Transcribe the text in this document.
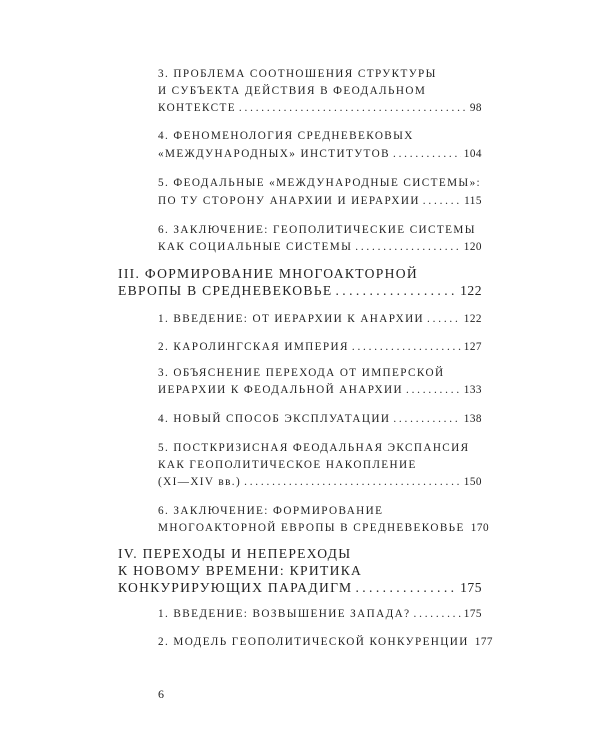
3. ПРОБЛЕМА СООТНОШЕНИЯ СТРУКТУРЫ
И СУБЪЕКТА ДЕЙСТВИЯ В ФЕОДАЛЬНОМ
КОНТЕКСТЕ . . .	98
4. ФЕНОМЕНОЛОГИЯ СРЕДНЕВЕКОВЫХ
«МЕЖДУНАРОДНЫХ» ИНСТИТУТОВ . . .	104
5. ФЕОДАЛЬНЫЕ «МЕЖДУНАРОДНЫЕ СИСТЕМЫ»:
ПО ТУ СТОРОНУ АНАРХИИ И ИЕРАРХИИ . . .	115
6. ЗАКЛЮЧЕНИЕ: ГЕОПОЛИТИЧЕСКИЕ СИСТЕМЫ
КАК СОЦИАЛЬНЫЕ СИСТЕМЫ . . .	120
III. ФОРМИРОВАНИЕ МНОГОАКТОРНОЙ
ЕВРОПЫ В СРЕДНЕВЕКОВЬЕ . . .	122
1. ВВЕДЕНИЕ: ОТ ИЕРАРХИИ К АНАРХИИ . . .	122
2. КАРОЛИНГСКАЯ ИМПЕРИЯ . . .	127
3. ОБЪЯСНЕНИЕ ПЕРЕХОДА ОТ ИМПЕРСКОЙ
ИЕРАРХИИ К ФЕОДАЛЬНОЙ АНАРХИИ . . .	133
4. НОВЫЙ СПОСОБ ЭКСПЛУАТАЦИИ . . .	138
5. ПОСТКРИЗИСНАЯ ФЕОДАЛЬНАЯ ЭКСПАНСИЯ
КАК ГЕОПОЛИТИЧЕСКОЕ НАКОПЛЕНИЕ
(XI—XIV вв.) . . .	150
6. ЗАКЛЮЧЕНИЕ: ФОРМИРОВАНИЕ
МНОГОАКТОРНОЙ ЕВРОПЫ В СРЕДНЕВЕКОВЬЕ 170
IV. ПЕРЕХОДЫ И НЕПЕРЕХОДЫ
К НОВОМУ ВРЕМЕНИ: КРИТИКА
КОНКУРИРУЮЩИХ ПАРАДИГМ . . .	175
1. ВВЕДЕНИЕ: ВОЗВЫШЕНИЕ ЗАПАДА? . . .	175
2. МОДЕЛЬ ГЕОПОЛИТИЧЕСКОЙ КОНКУРЕНЦИИ 177
6
